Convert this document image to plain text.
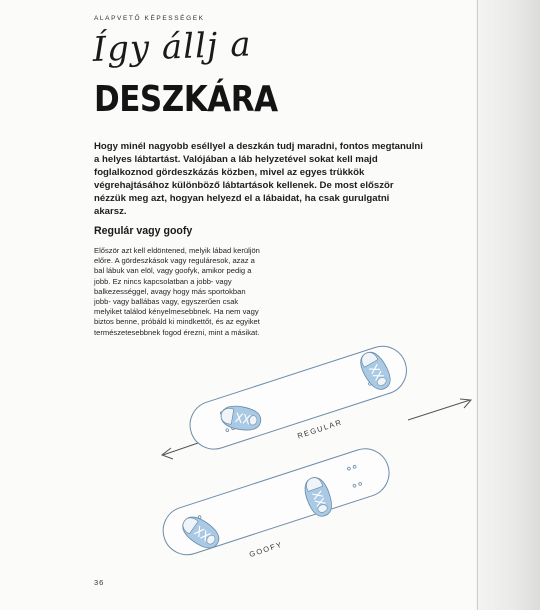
ALAPVETŐ KÉPESSÉGEK
Így állj a
DESZKÁRA

Hogy minél nagyobb eséllyel a deszkán tudj maradni, fontos megtanulni a helyes lábtartást. Valójában a láb helyzetével sokat kell majd foglalkoznod gördeszkázás közben, mivel az egyes trükkök végrehajtásához különböző lábtartások kellenek. De most először nézzük meg azt, hogyan helyezd el a lábaidat, ha csak gurulgatni akarsz.

Regulár vagy goofy

Először azt kell eldöntened, melyik lábad kerüljön előre. A gördeszkások vagy reguláresok, azaz a bal lábuk van elöl, vagy goofyk, amikor pedig a jobb. Ez nincs kapcsolatban a jobb- vagy balkezességgel, avagy hogy más sportokban jobb- vagy ballábas vagy, egyszerűen csak melyiket találod kényelmesebbnek. Ha nem vagy biztos benne, próbáld ki mindkettőt, és az egyiket természetesebbnek fogod érezni, mint a másikat.

REGULAR
GOOFY
36
